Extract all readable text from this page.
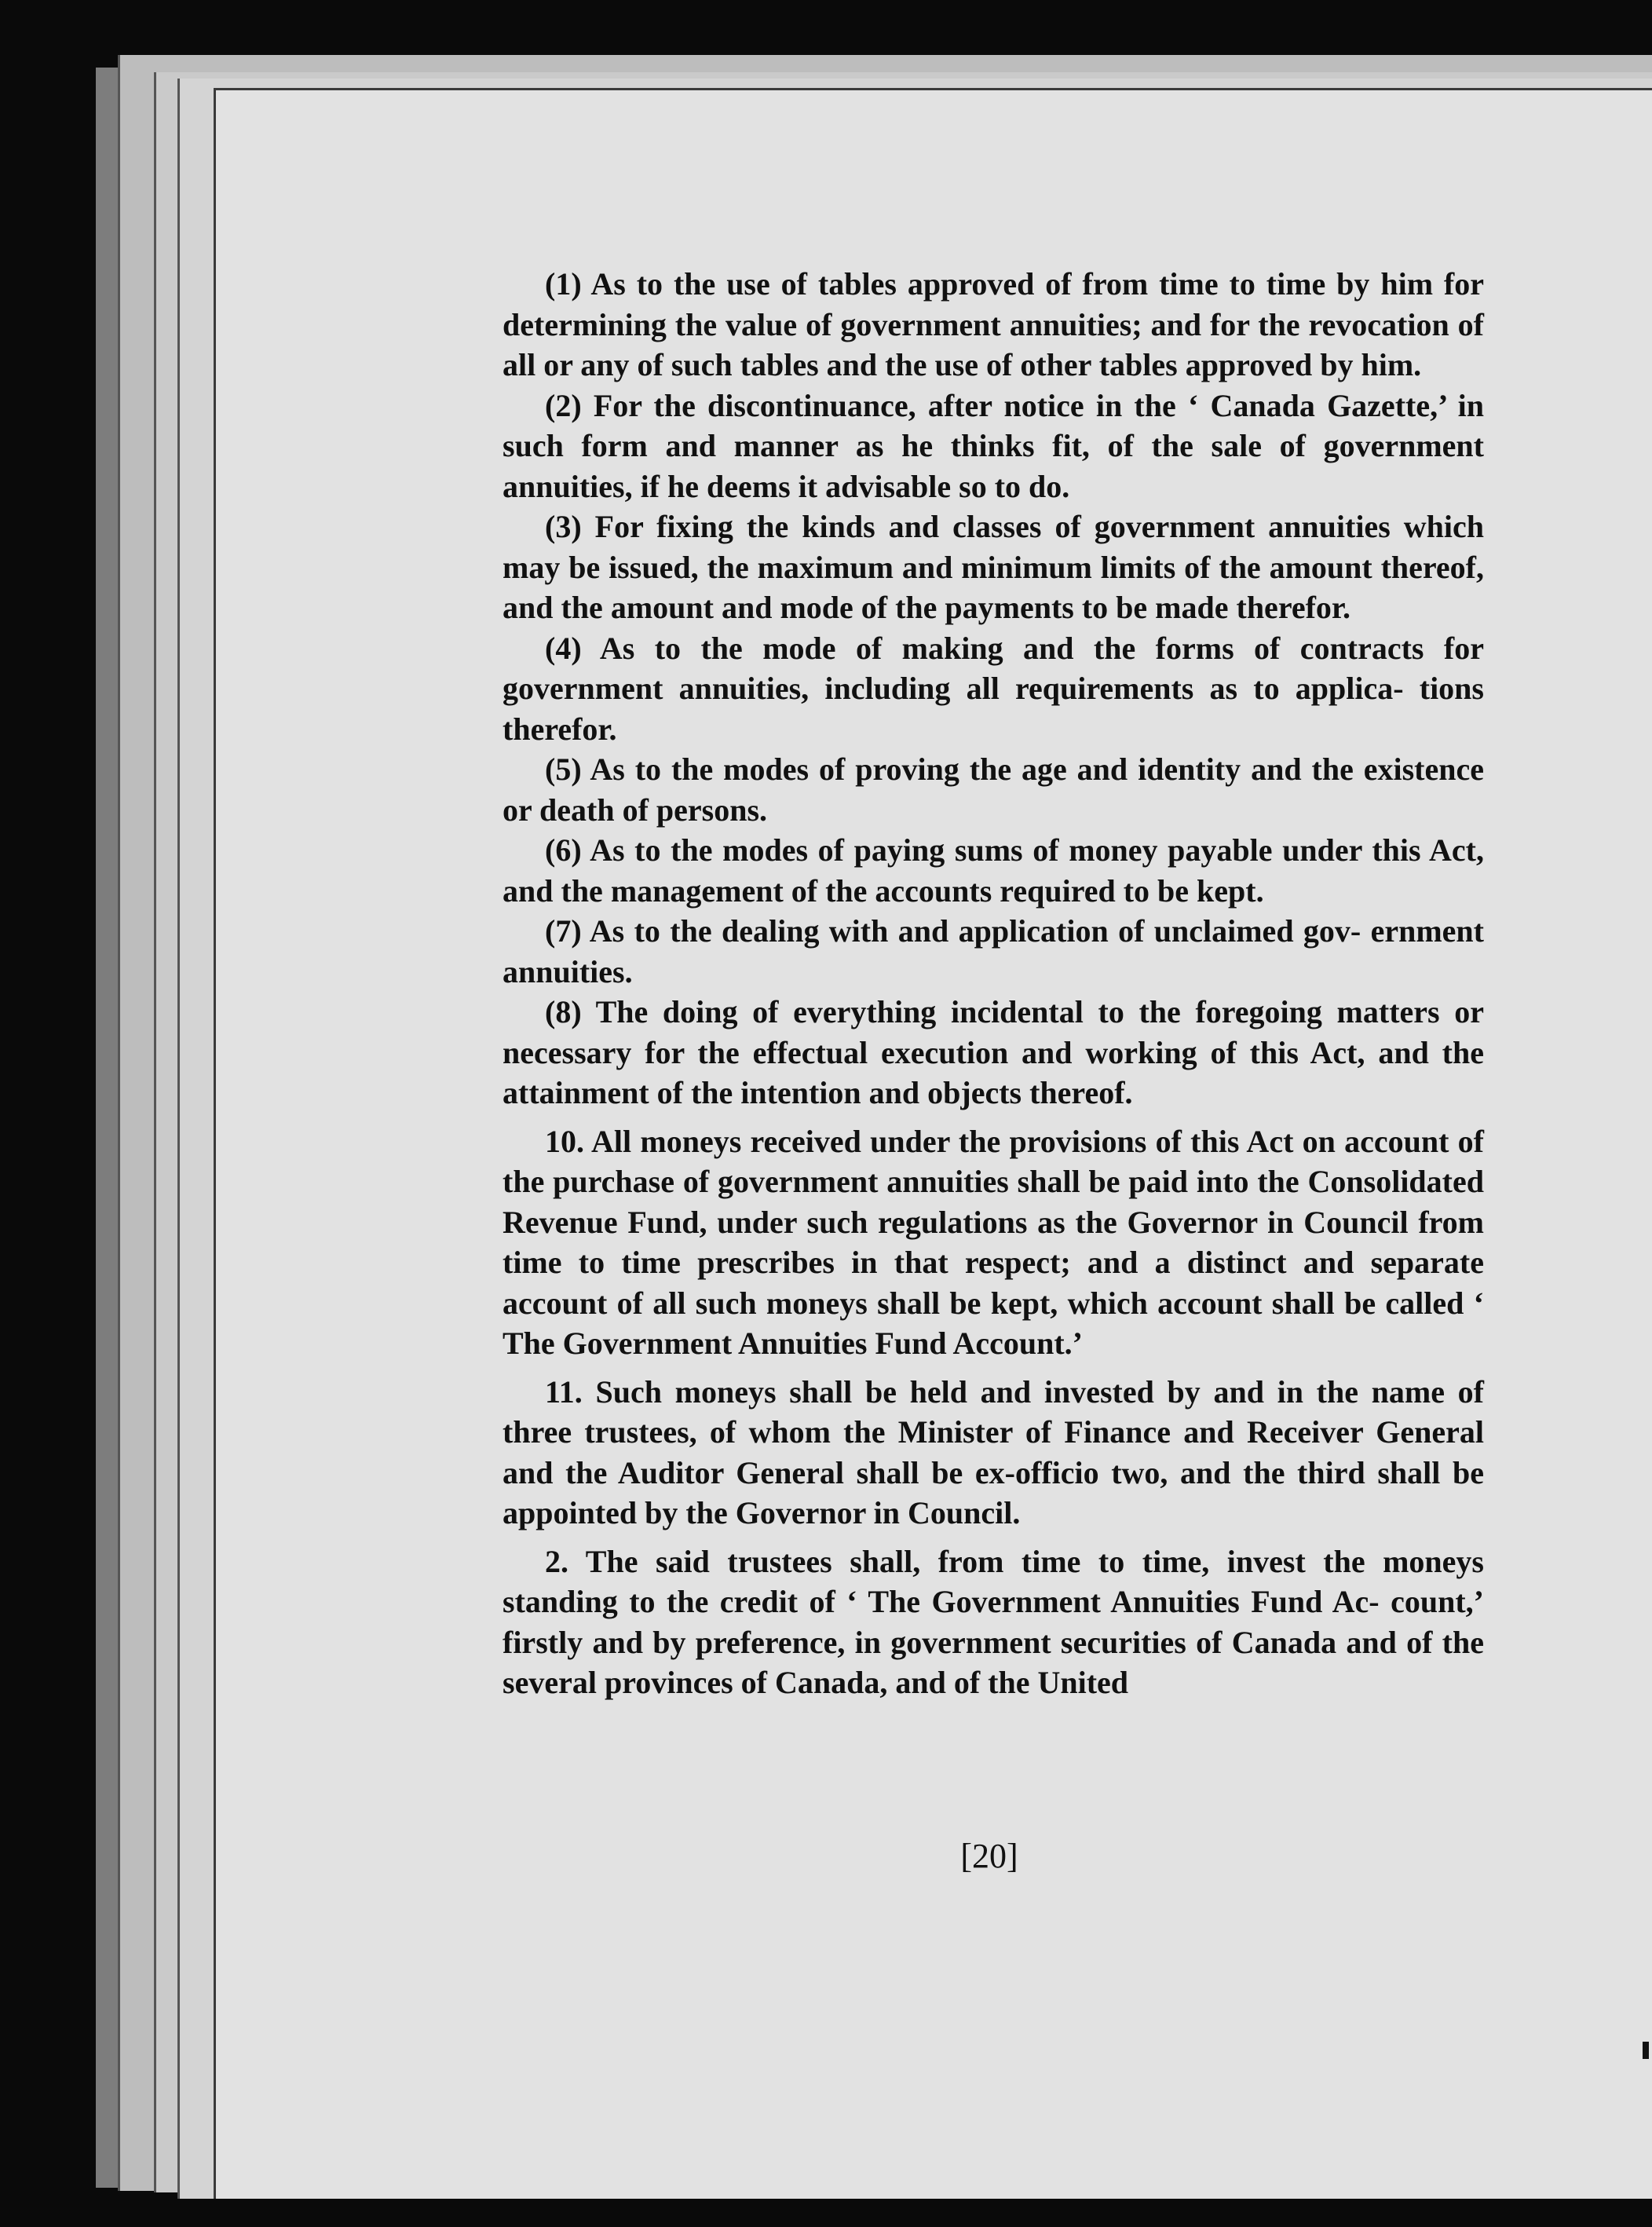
(1) As to the use of tables approved of from time to time by him for determining the value of government annuities; and for the revocation of all or any of such tables and the use of other tables approved by him.

(2) For the discontinuance, after notice in the ‘ Canada Gazette,’ in such form and manner as he thinks fit, of the sale of government annuities, if he deems it advisable so to do.

(3) For fixing the kinds and classes of government annuities which may be issued, the maximum and minimum limits of the amount thereof, and the amount and mode of the payments to be made therefor.

(4) As to the mode of making and the forms of contracts for government annuities, including all requirements as to applica- tions therefor.

(5) As to the modes of proving the age and identity and the existence or death of persons.

(6) As to the modes of paying sums of money payable under this Act, and the management of the accounts required to be kept.

(7) As to the dealing with and application of unclaimed gov- ernment annuities.

(8) The doing of everything incidental to the foregoing matters or necessary for the effectual execution and working of this Act, and the attainment of the intention and objects thereof.

10. All moneys received under the provisions of this Act on account of the purchase of government annuities shall be paid into the Consolidated Revenue Fund, under such regulations as the Governor in Council from time to time prescribes in that respect; and a distinct and separate account of all such moneys shall be kept, which account shall be called ‘ The Government Annuities Fund Account.’

11. Such moneys shall be held and invested by and in the name of three trustees, of whom the Minister of Finance and Receiver General and the Auditor General shall be ex-officio two, and the third shall be appointed by the Governor in Council.

2. The said trustees shall, from time to time, invest the moneys standing to the credit of ‘ The Government Annuities Fund Ac- count,’ firstly and by preference, in government securities of Canada and of the several provinces of Canada, and of the United

[20]
